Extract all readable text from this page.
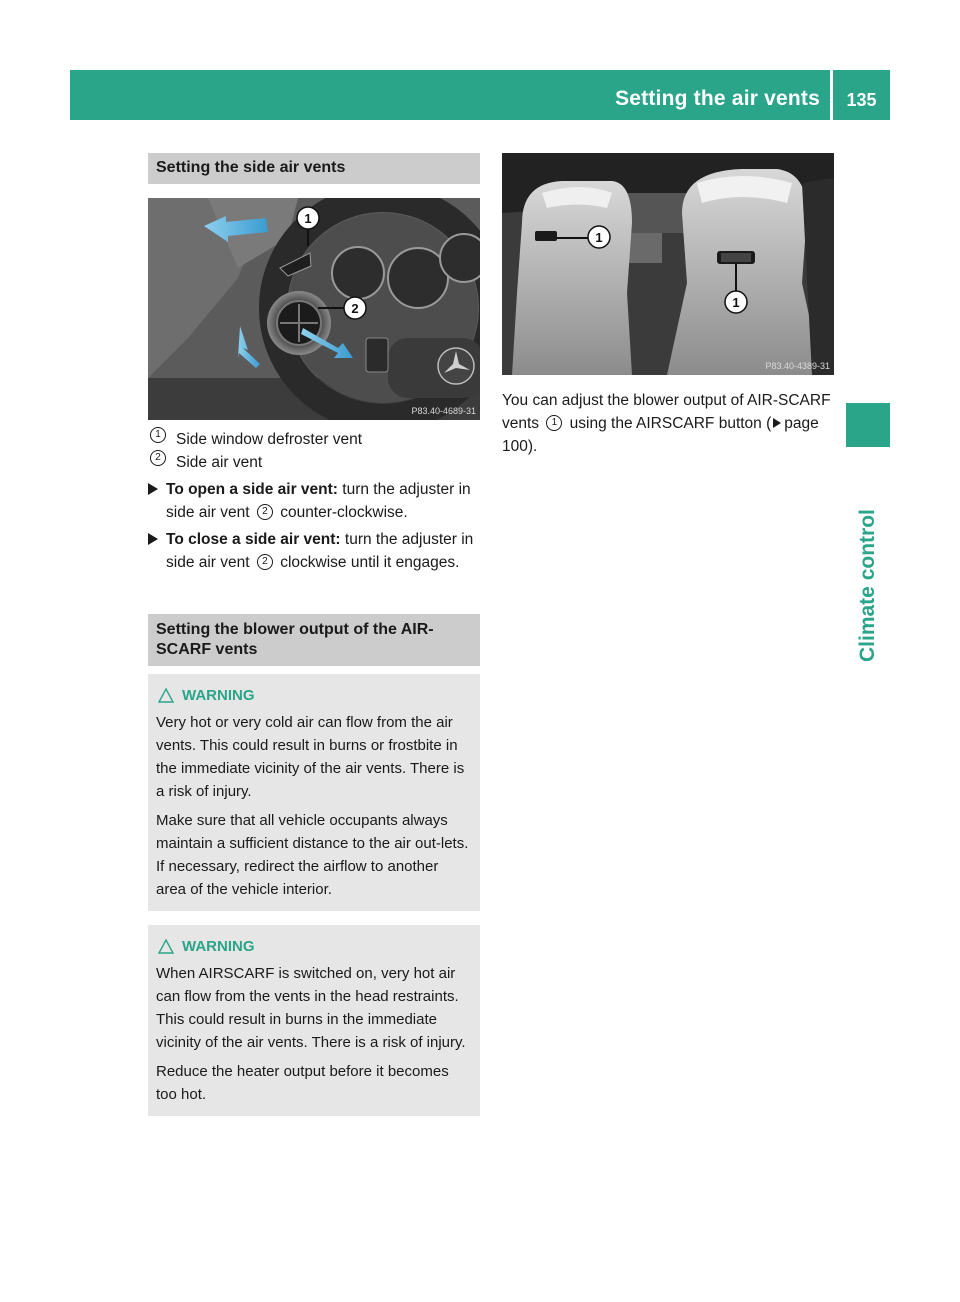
Setting the air vents	135
Climate control
Setting the side air vents
1
2
P83.40-4689-31
1 Side window defroster vent
2 Side air vent
To open a side air vent: turn the adjuster in side air vent 2 counter-clockwise.
To close a side air vent: turn the adjuster in side air vent 2 clockwise until it engages.
Setting the blower output of the AIR-SCARF vents
WARNING

Very hot or very cold air can flow from the air vents. This could result in burns or frostbite in the immediate vicinity of the air vents. There is a risk of injury.

Make sure that all vehicle occupants always maintain a sufficient distance to the air out-lets. If necessary, redirect the airflow to another area of the vehicle interior.

WARNING

When AIRSCARF is switched on, very hot air can flow from the vents in the head restraints. This could result in burns in the immediate vicinity of the air vents. There is a risk of injury.

Reduce the heater output before it becomes too hot.

1
1
P83.40-4389-31
You can adjust the blower output of AIR-SCARF vents 1 using the AIRSCARF button ( page 100).
